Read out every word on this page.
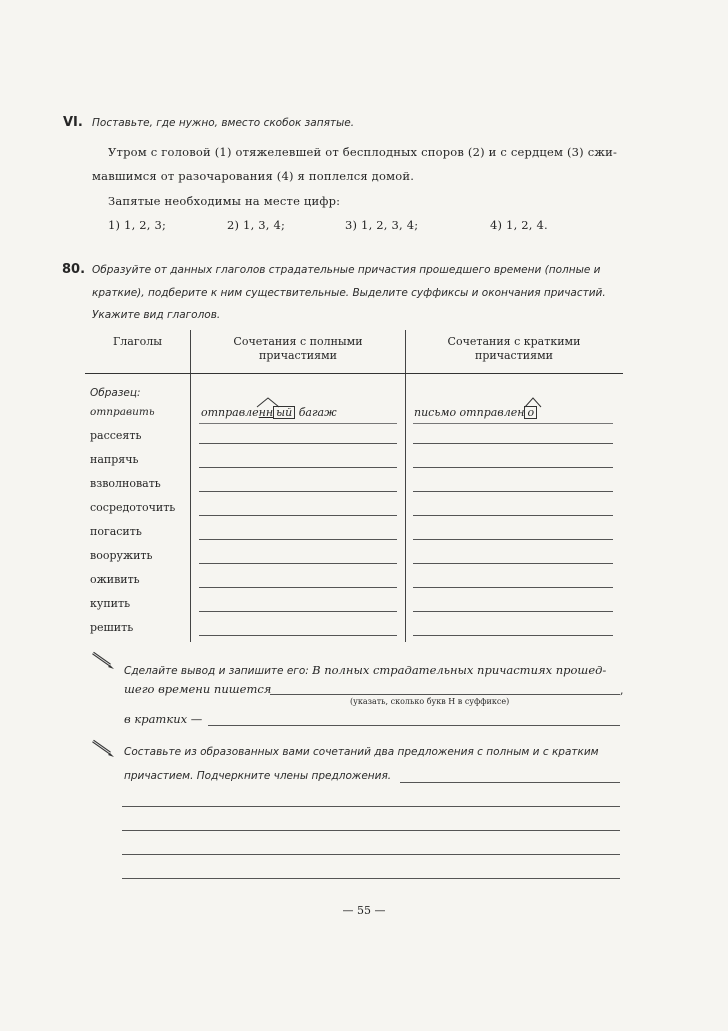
VI. Поставьте, где нужно, вместо скобок запятые.
Утром с головой (1) отяжелевшей от бесплодных споров (2) и с сердцем (3) сжи-
мавшимся от разочарования (4) я поплелся домой.
Запятые необходимы на месте цифр:
1) 1, 2, 3;	2) 1, 3, 4;	3) 1, 2, 3, 4;	4) 1, 2, 4.
80. Образуйте от данных глаголов страдательные причастия прошедшего времени (полные и
краткие), подберите к ним существительные. Выделите суффиксы и окончания причастий.
Укажите вид глаголов.
Глаголы	Сочетания с полными
причастиями
Сочетания с краткими
причастиями
Образец:
отправить	отправленн ый багаж	письмо отправлен о
рассеять
напрячь
взволновать
сосредоточить
погасить
вооружить
оживить
купить
решить
Сделайте вывод и запишите его: В полных страдательных причастиях прошед-
шего времени пишется	,
(указать, сколько букв Н в суффиксе)
в кратких —
Составьте из образованных вами сочетаний два предложения с полным и с кратким
причастием. Подчеркните члены предложения.
— 55 —
